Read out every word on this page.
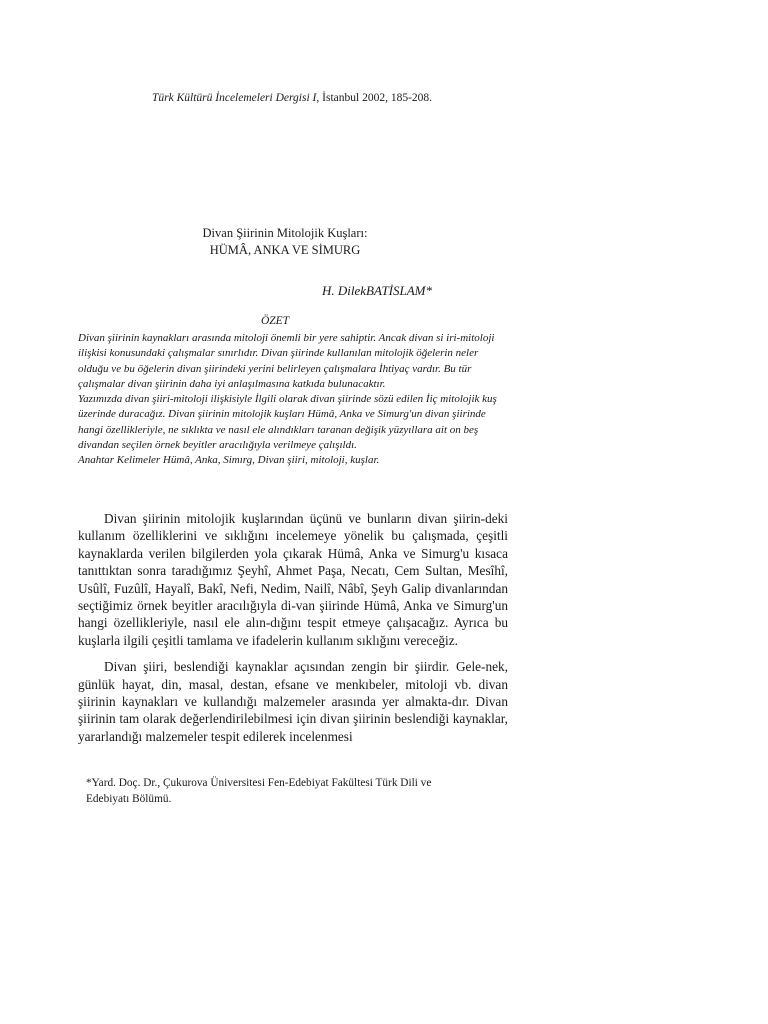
Türk Kültürü İncelemeleri Dergisi I, İstanbul 2002, 185-208.
Divan Şiirinin Mitolojik Kuşları:
HÜMÂ, ANKA VE SİMURG
H. DilekBATİSLAM*
ÖZET

Divan şiirinin kaynakları arasında mitoloji önemli bir yere sahiptir. Ancak divan si iri-mitoloji ilişkisi konusundaki çalışmalar sınırlıdır. Divan şiirinde kullanılan mitolojik öğelerin neler olduğu ve bu öğelerin divan şiirindeki yerini belirleyen çalışmalara İhtiyaç vardır. Bu tür çalışmalar divan şiirinin daha iyi anlaşılmasına katkıda bulunacaktır.

Yazımızda divan şiiri-mitoloji ilişkisiyle İlgili olarak divan şiirinde sözü edilen İiç mitolojik kuş üzerinde duracağız. Divan şiirinin mitolojik kuşları Hümâ, Anka ve Simurg'un divan şiirinde hangi özellikleriyle, ne sıklıkta ve nasıl ele alındıkları taranan değişik yüzyıllara ait on beş divandan seçilen örnek beyitler aracılığıyla verilmeye çalışıldı.

Anahtar Kelimeler Hümâ, Anka, Simırg, Divan şiiri, mitoloji, kuşlar.

Divan şiirinin mitolojik kuşlarından üçünü ve bunların divan şiirin-deki kullanım özelliklerini ve sıklığını incelemeye yönelik bu çalışmada, çeşitli kaynaklarda verilen bilgilerden yola çıkarak Hümâ, Anka ve Simurg'u kısaca tanıttıktan sonra taradığımız Şeyhî, Ahmet Paşa, Necatı, Cem Sultan, Mesîhî, Usûlî, Fuzûlî, Hayalî, Bakî, Nefi, Nedim, Nailî, Nâbî, Şeyh Galip divanlarından seçtiğimiz örnek beyitler aracılığıyla di-van şiirinde Hümâ, Anka ve Simurg'un hangi özellikleriyle, nasıl ele alın-dığını tespit etmeye çalışacağız. Ayrıca bu kuşlarla ilgili çeşitli tamlama ve ifadelerin kullanım sıklığını vereceğiz.

Divan şiiri, beslendiği kaynaklar açısından zengin bir şiirdir. Gele-nek, günlük hayat, din, masal, destan, efsane ve menkıbeler, mitoloji vb. divan şiirinin kaynakları ve kullandığı malzemeler arasında yer almakta-dır. Divan şiirinin tam olarak değerlendirilebilmesi için divan şiirinin beslendiği kaynaklar, yararlandığı malzemeler tespit edilerek incelenmesi

*Yard. Doç. Dr., Çukurova Üniversitesi Fen-Edebiyat Fakültesi Türk Dili ve
Edebiyatı Bölümü.
